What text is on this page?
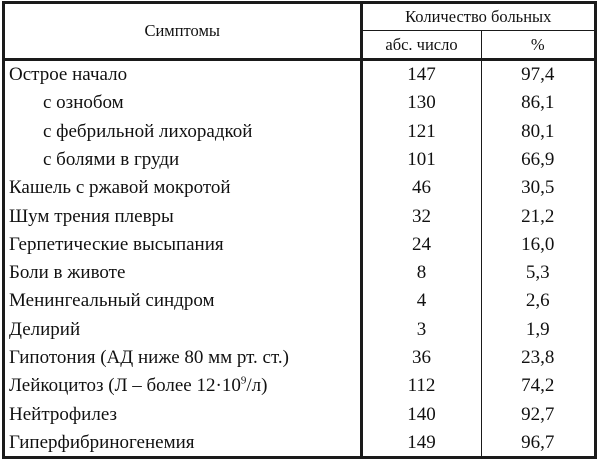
Симптомы	Количество больных	
	абс. число	%
Острое начало	147	97,4
с ознобом	130	86,1
с фебрильной лихорадкой	121	80,1
с болями в груди	101	66,9
Кашель с ржавой мокротой	46	30,5
Шум трения плевры	32	21,2
Герпетические высыпания	24	16,0
Боли в животе	8	5,3
Менингеальный синдром	4	2,6
Делирий	3	1,9
Гипотония (АД ниже 80 мм рт. ст.)	36	23,8
Лейкоцитоз (Л – более $12\cdot 10^9/л$)	112	74,2
Нейтрофилез	140	92,7
Гиперфибриногенемия	149	96,7
